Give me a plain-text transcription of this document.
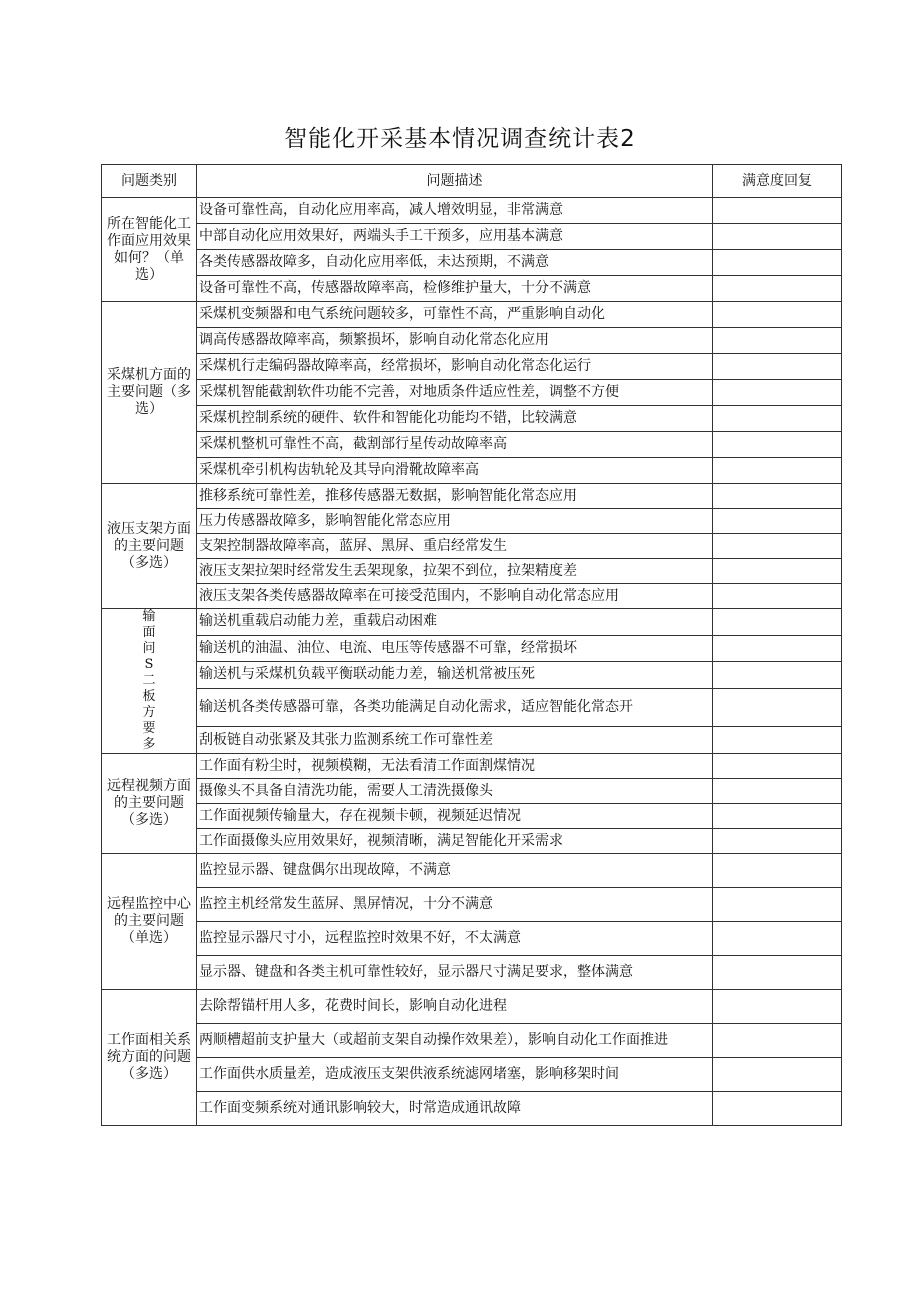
智能化开采基本情况调查统计表2
问题类别	问题描述	满意度回复
所在智能化工作面应用效果如何？（单选）	设备可靠性高，自动化应用率高，减人增效明显，非常满意	
	中部自动化应用效果好，两端头手工干预多，应用基本满意	
	各类传感器故障多，自动化应用率低，未达预期，不满意	
	设备可靠性不高，传感器故障率高，检修维护量大，十分不满意	
采煤机方面的主要问题（多选）	采煤机变频器和电气系统问题较多，可靠性不高，严重影响自动化	
	调高传感器故障率高，频繁损坏，影响自动化常态化应用	
	采煤机行走编码器故障率高，经常损坏，影响自动化常态化运行	
	采煤机智能截割软件功能不完善，对地质条件适应性差，调整不方便	
	采煤机控制系统的硬件、软件和智能化功能均不错，比较满意	
	采煤机整机可靠性不高，截割部行星传动故障率高	
	采煤机牵引机构齿轨轮及其导向滑靴故障率高	
液压支架方面的主要问题（多选）	推移系统可靠性差，推移传感器无数据，影响智能化常态应用	
	压力传感器故障多，影响智能化常态应用	
	支架控制器故障率高，蓝屏、黑屏、重启经常发生	
	液压支架拉架时经常发生丢架现象，拉架不到位，拉架精度差	
	液压支架各类传感器故障率在可接受范围内，不影响自动化常态应用	

输面问S二板方要多	输送机重载启动能力差，重载启动困难	
	输送机的油温、油位、电流、电压等传感器不可靠，经常损坏	
	输送机与采煤机负载平衡联动能力差，输送机常被压死	
	输送机各类传感器可靠，各类功能满足自动化需求，适应智能化常态开	
	刮板链自动张紧及其张力监测系统工作可靠性差	
远程视频方面的主要问题（多选）	工作面有粉尘时，视频模糊，无法看清工作面割煤情况	
	摄像头不具备自清洗功能，需要人工清洗摄像头	
	工作面视频传输量大，存在视频卡顿，视频延迟情况	
	工作面摄像头应用效果好，视频清晰，满足智能化开采需求	
远程监控中心的主要问题（单选）	监控显示器、键盘偶尔出现故障，不满意	
	监控主机经常发生蓝屏、黑屏情况，十分不满意	
	监控显示器尺寸小，远程监控时效果不好，不太满意	
	显示器、键盘和各类主机可靠性较好，显示器尺寸满足要求，整体满意	
工作面相关系统方面的问题（多选）	去除帮锚杆用人多，花费时间长，影响自动化进程	
	两顺槽超前支护量大（或超前支架自动操作效果差），影响自动化工作面推进	
	工作面供水质量差，造成液压支架供液系统滤网堵塞，影响移架时间	
	工作面变频系统对通讯影响较大，时常造成通讯故障	
